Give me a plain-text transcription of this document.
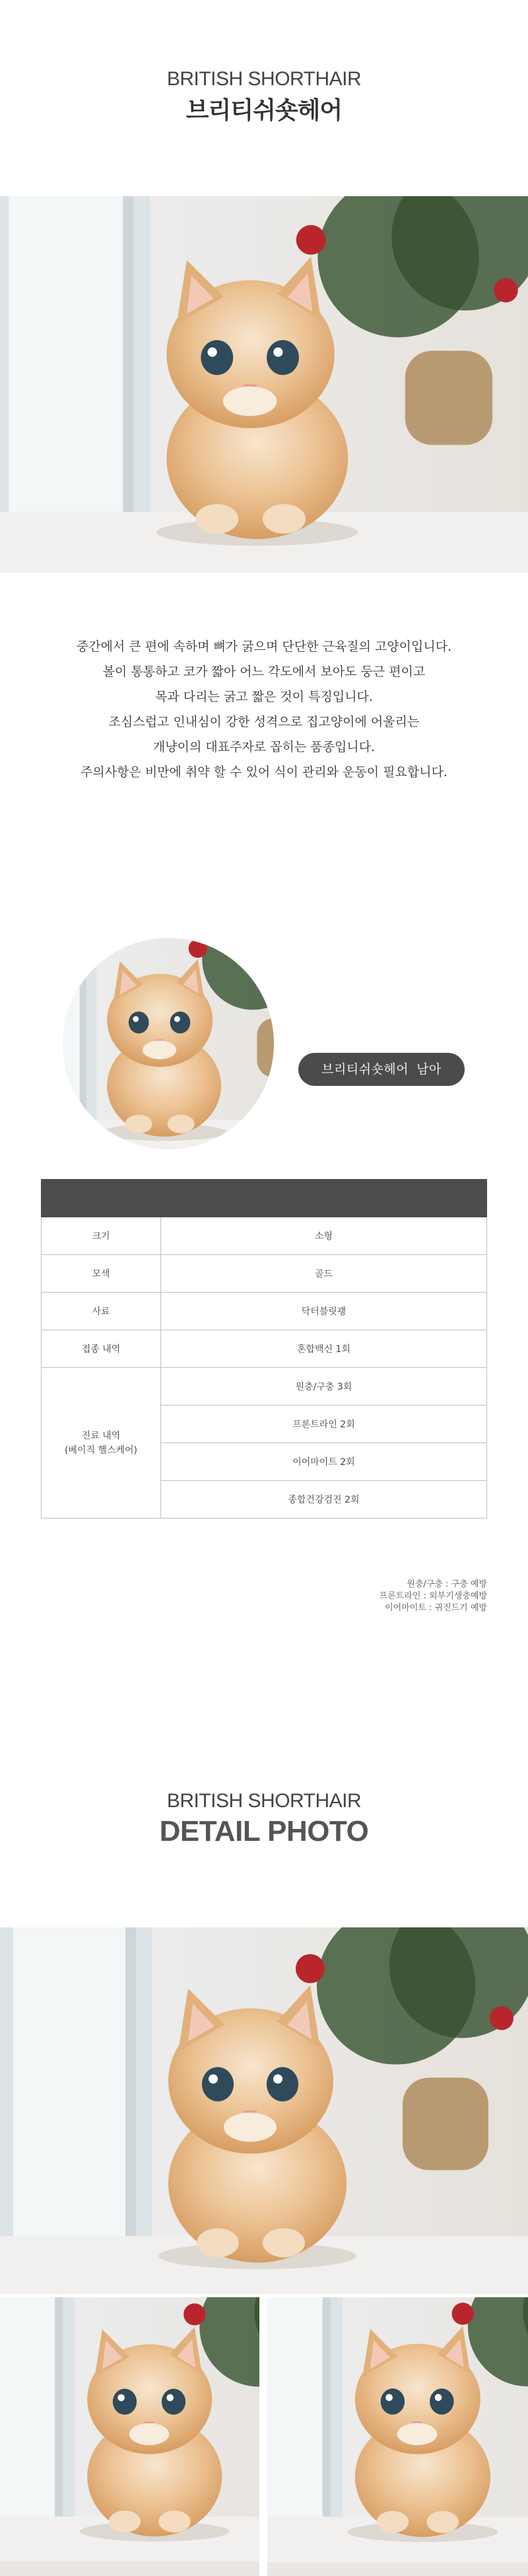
BRITISH SHORTHAIR
브리티쉬숏헤어

중간에서 큰 편에 속하며 뼈가 굵으며 단단한 근육질의 고양이입니다.

볼이 통통하고 코가 짧아 어느 각도에서 보아도 둥근 편이고

목과 다리는 굵고 짧은 것이 특징입니다.

조심스럽고 인내심이 강한 성격으로 집고양이에 어울리는

개냥이의 대표주자로 꼽히는 품종입니다.

주의사항은 비만에 취약 할 수 있어 식이 관리와 운동이 필요합니다.

브리티쉬숏헤어 남아

크기	소형
모색	골드
사료	닥터블릿괭
접종 내역	혼합백신 1회
진료 내역
(베이직 헬스케어)	원충/구충 3회
	프론트라인 2회
	이어마이트 2회
	종합건강검진 2회
원충/구충 : 구충 예방
프론트라인 : 외부기생충예방
이어마이트 : 귀진드기 예방
BRITISH SHORTHAIR
DETAIL PHOTO
